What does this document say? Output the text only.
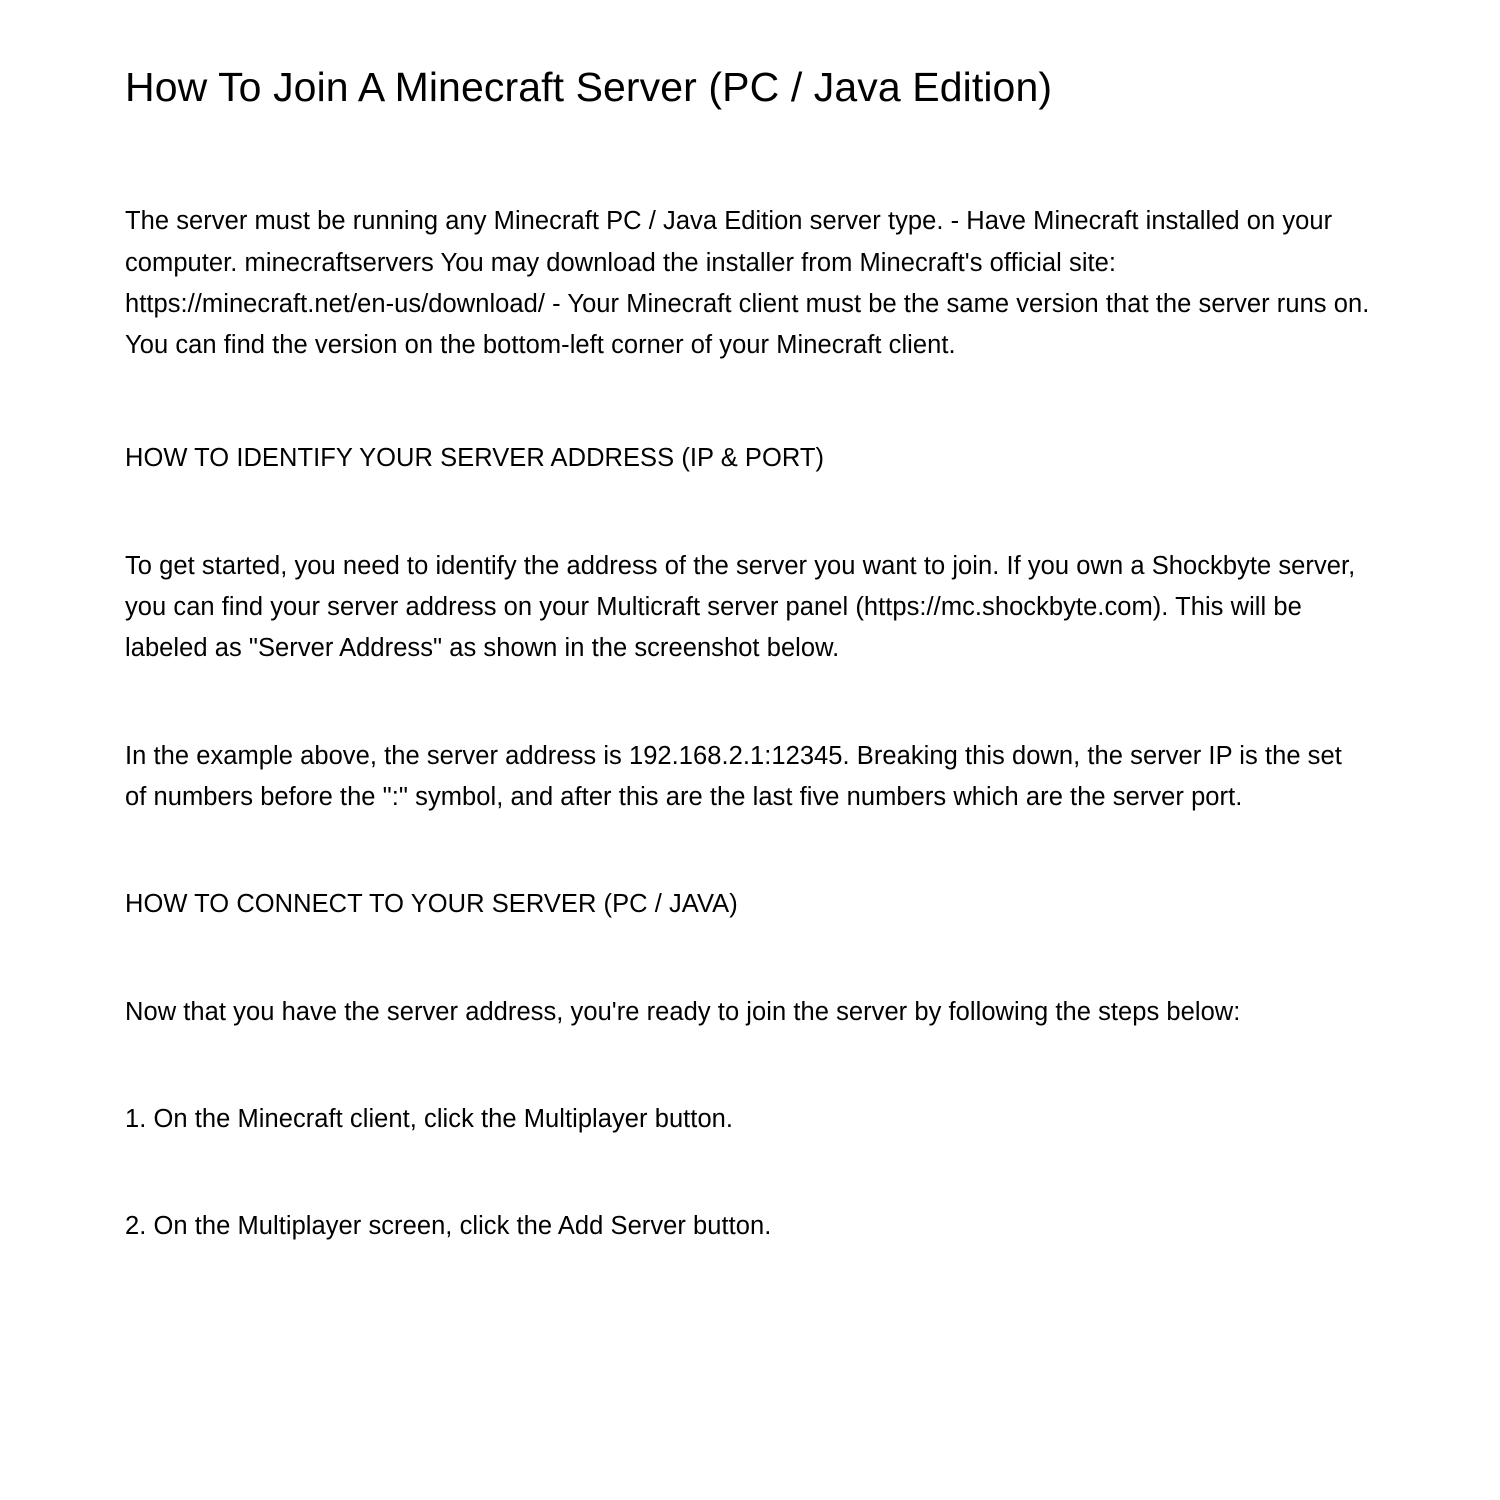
How To Join A Minecraft Server (PC / Java Edition)

The server must be running any Minecraft PC / Java Edition server type. - Have Minecraft installed on your computer. minecraftservers You may download the installer from Minecraft's official site: https://minecraft.net/en-us/download/ - Your Minecraft client must be the same version that the server runs on. You can find the version on the bottom-left corner of your Minecraft client.

HOW TO IDENTIFY YOUR SERVER ADDRESS (IP & PORT)

To get started, you need to identify the address of the server you want to join. If you own a Shockbyte server, you can find your server address on your Multicraft server panel (https://mc.shockbyte.com). This will be labeled as "Server Address" as shown in the screenshot below.

In the example above, the server address is 192.168.2.1:12345. Breaking this down, the server IP is the set of numbers before the ":" symbol, and after this are the last five numbers which are the server port.

HOW TO CONNECT TO YOUR SERVER (PC / JAVA)

Now that you have the server address, you're ready to join the server by following the steps below:

1. On the Minecraft client, click the Multiplayer button.

2. On the Multiplayer screen, click the Add Server button.
